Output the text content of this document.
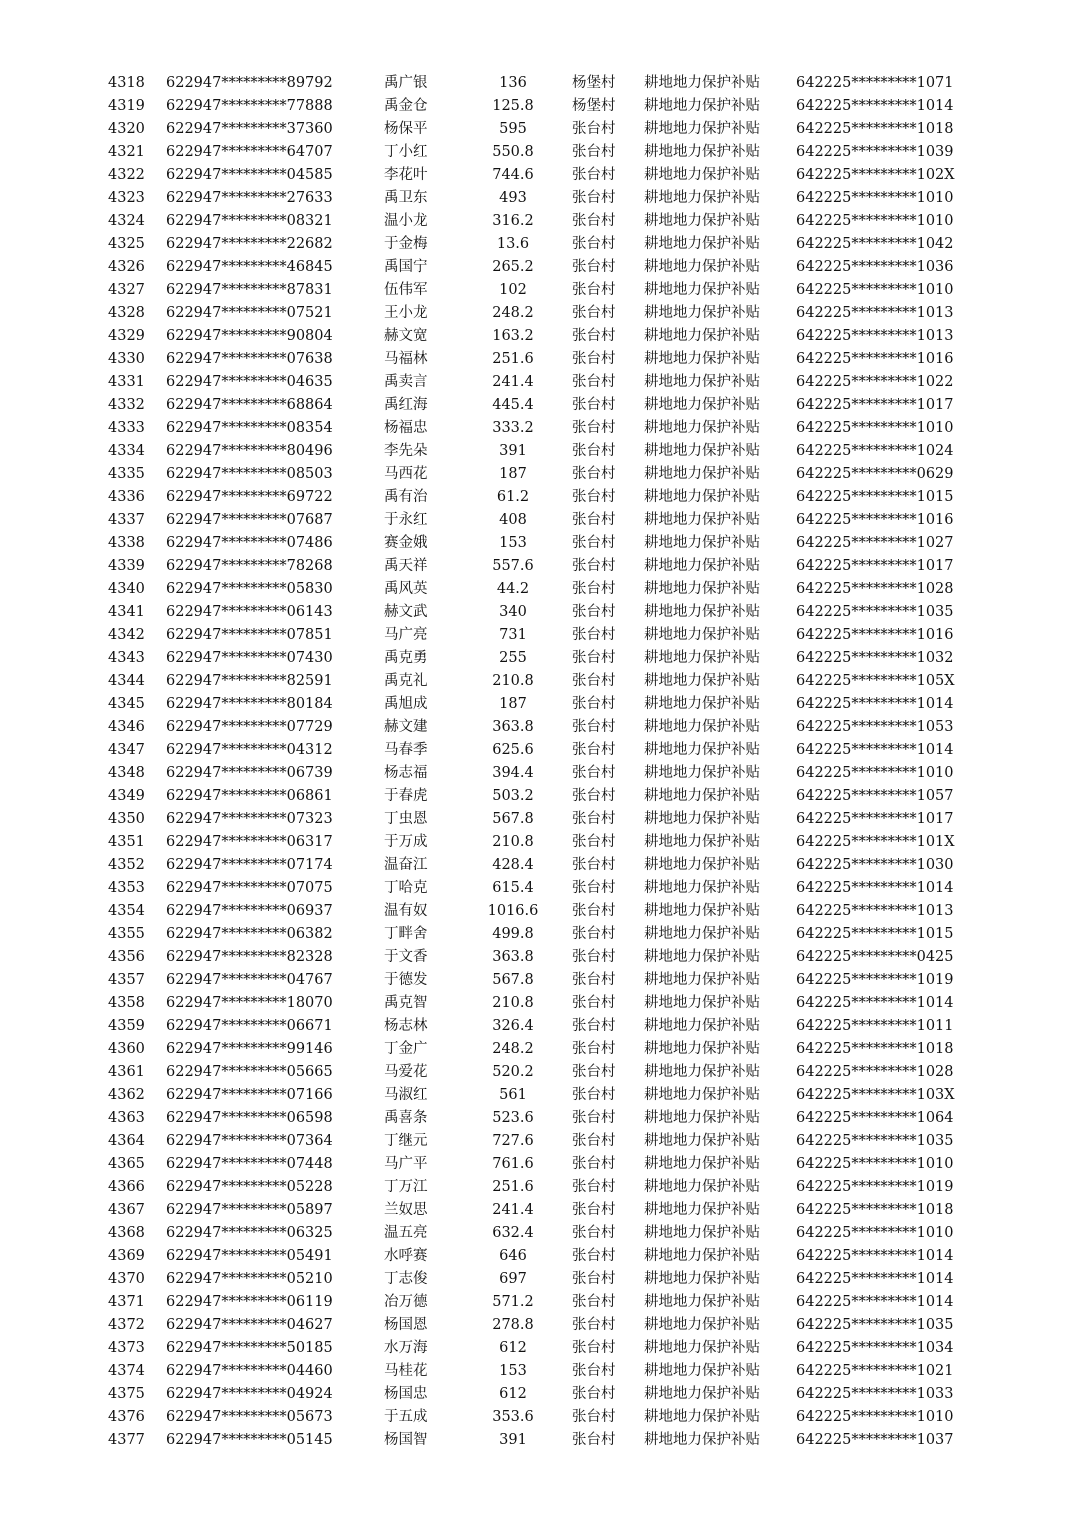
4318 622947*********89792	禹广银	136	杨堡村 耕地地力保护补贴 642225*********1071
4319 622947*********77888	禹金仓	125.8	杨堡村 耕地地力保护补贴 642225*********1014
4320 622947*********37360	杨保平	595	张台村 耕地地力保护补贴 642225*********1018
4321 622947*********64707	丁小红	550.8	张台村 耕地地力保护补贴 642225*********1039
4322 622947*********04585	李花叶	744.6	张台村 耕地地力保护补贴 642225*********102X
4323 622947*********27633	禹卫东	493	张台村 耕地地力保护补贴 642225*********1010
4324 622947*********08321	温小龙	316.2	张台村 耕地地力保护补贴 642225*********1010
4325 622947*********22682	于金梅	13.6	张台村 耕地地力保护补贴 642225*********1042
4326 622947*********46845	禹国宁	265.2	张台村 耕地地力保护补贴 642225*********1036
4327 622947*********87831	伍伟军	102	张台村 耕地地力保护补贴 642225*********1010
4328 622947*********07521	王小龙	248.2	张台村 耕地地力保护补贴 642225*********1013
4329 622947*********90804	赫文宽	163.2	张台村 耕地地力保护补贴 642225*********1013
4330 622947*********07638	马福林	251.6	张台村 耕地地力保护补贴 642225*********1016
4331 622947*********04635	禹卖言	241.4	张台村 耕地地力保护补贴 642225*********1022
4332 622947*********68864	禹红海	445.4	张台村 耕地地力保护补贴 642225*********1017
4333 622947*********08354	杨福忠	333.2	张台村 耕地地力保护补贴 642225*********1010
4334 622947*********80496	李先朵	391	张台村 耕地地力保护补贴 642225*********1024
4335 622947*********08503	马西花	187	张台村 耕地地力保护补贴 642225*********0629
4336 622947*********69722	禹有治	61.2	张台村 耕地地力保护补贴 642225*********1015
4337 622947*********07687	于永红	408	张台村 耕地地力保护补贴 642225*********1016
4338 622947*********07486	赛金娥	153	张台村 耕地地力保护补贴 642225*********1027
4339 622947*********78268	禹天祥	557.6	张台村 耕地地力保护补贴 642225*********1017
4340 622947*********05830	禹风英	44.2	张台村 耕地地力保护补贴 642225*********1028
4341 622947*********06143	赫文武	340	张台村 耕地地力保护补贴 642225*********1035
4342 622947*********07851	马广亮	731	张台村 耕地地力保护补贴 642225*********1016
4343 622947*********07430	禹克勇	255	张台村 耕地地力保护补贴 642225*********1032
4344 622947*********82591	禹克礼	210.8	张台村 耕地地力保护补贴 642225*********105X
4345 622947*********80184	禹旭成	187	张台村 耕地地力保护补贴 642225*********1014
4346 622947*********07729	赫文建	363.8	张台村 耕地地力保护补贴 642225*********1053
4347 622947*********04312	马春季	625.6	张台村 耕地地力保护补贴 642225*********1014
4348 622947*********06739	杨志福	394.4	张台村 耕地地力保护补贴 642225*********1010
4349 622947*********06861	于春虎	503.2	张台村 耕地地力保护补贴 642225*********1057
4350 622947*********07323	丁虫恩	567.8	张台村 耕地地力保护补贴 642225*********1017
4351 622947*********06317	于万成	210.8	张台村 耕地地力保护补贴 642225*********101X
4352 622947*********07174	温奋江	428.4	张台村 耕地地力保护补贴 642225*********1030
4353 622947*********07075	丁哈克	615.4	张台村 耕地地力保护补贴 642225*********1014
4354 622947*********06937	温有奴	1016.6	张台村 耕地地力保护补贴 642225*********1013
4355 622947*********06382	丁畔舍	499.8	张台村 耕地地力保护补贴 642225*********1015
4356 622947*********82328	于文香	363.8	张台村 耕地地力保护补贴 642225*********0425
4357 622947*********04767	于德发	567.8	张台村 耕地地力保护补贴 642225*********1019
4358 622947*********18070	禹克智	210.8	张台村 耕地地力保护补贴 642225*********1014
4359 622947*********06671	杨志林	326.4	张台村 耕地地力保护补贴 642225*********1011
4360 622947*********99146	丁金广	248.2	张台村 耕地地力保护补贴 642225*********1018
4361 622947*********05665	马爱花	520.2	张台村 耕地地力保护补贴 642225*********1028
4362 622947*********07166	马淑红	561	张台村 耕地地力保护补贴 642225*********103X
4363 622947*********06598	禹喜条	523.6	张台村 耕地地力保护补贴 642225*********1064
4364 622947*********07364	丁继元	727.6	张台村 耕地地力保护补贴 642225*********1035
4365 622947*********07448	马广平	761.6	张台村 耕地地力保护补贴 642225*********1010
4366 622947*********05228	丁万江	251.6	张台村 耕地地力保护补贴 642225*********1019
4367 622947*********05897	兰奴思	241.4	张台村 耕地地力保护补贴 642225*********1018
4368 622947*********06325	温五亮	632.4	张台村 耕地地力保护补贴 642225*********1010
4369 622947*********05491	水呼赛	646	张台村 耕地地力保护补贴 642225*********1014
4370 622947*********05210	丁志俊	697	张台村 耕地地力保护补贴 642225*********1014
4371 622947*********06119	冶万德	571.2	张台村 耕地地力保护补贴 642225*********1014
4372 622947*********04627	杨国恩	278.8	张台村 耕地地力保护补贴 642225*********1035
4373 622947*********50185	水万海	612	张台村 耕地地力保护补贴 642225*********1034
4374 622947*********04460	马桂花	153	张台村 耕地地力保护补贴 642225*********1021
4375 622947*********04924	杨国忠	612	张台村 耕地地力保护补贴 642225*********1033
4376 622947*********05673	于五成	353.6	张台村 耕地地力保护补贴 642225*********1010
4377 622947*********05145	杨国智	391	张台村 耕地地力保护补贴 642225*********1037
